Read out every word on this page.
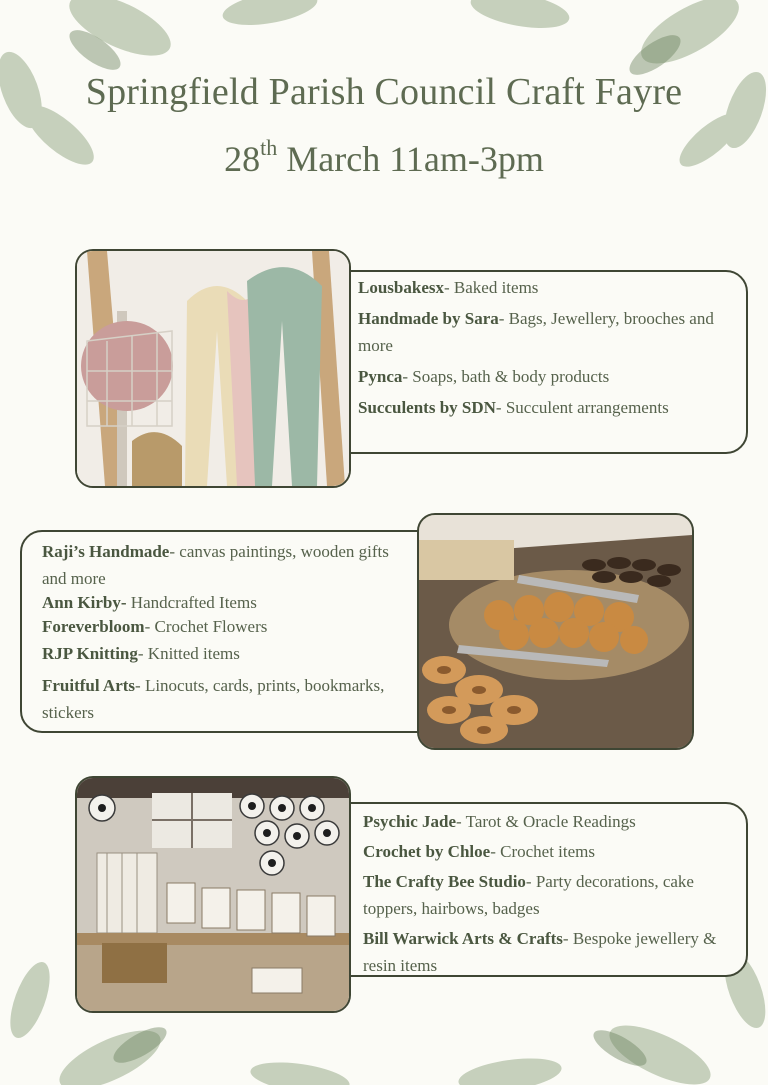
Springfield Parish Council Craft Fayre
28th March 11am-3pm

Lousbakesx- Baked items

Handmade by Sara- Bags, Jewellery, brooches and more

Pynca- Soaps, bath & body products

Succulents by SDN- Succulent arrangements

Raji’s Handmade- canvas paintings, wooden gifts and more

Ann Kirby- Handcrafted Items

Foreverbloom- Crochet Flowers

RJP Knitting- Knitted items

Fruitful Arts- Linocuts, cards, prints, bookmarks, stickers

Psychic Jade- Tarot & Oracle Readings

Crochet by Chloe- Crochet items

The Crafty Bee Studio- Party decorations, cake toppers, hairbows, badges

Bill Warwick Arts & Crafts- Bespoke jewellery & resin items
